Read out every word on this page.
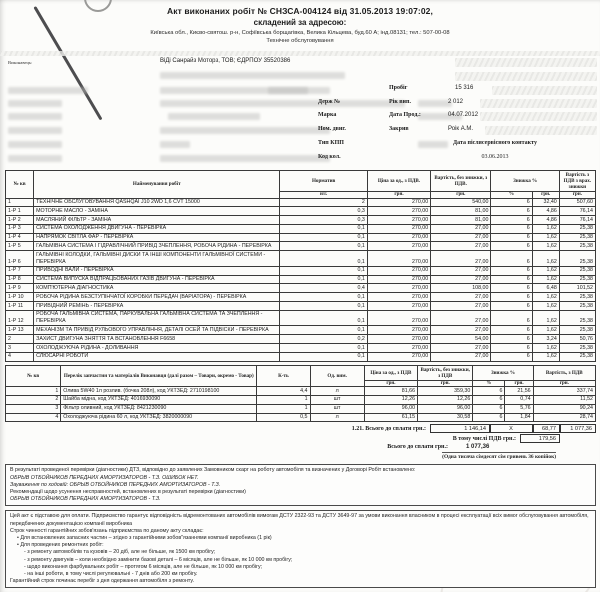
Акт виконаних робіт № СНЗСА-004124 від 31.05.2013 19:07:02,
складений за адресою:
Київська обл., Києво-святош. р-н, Софіївська борщагівка, Велика Кільцева, буд.60 А; інд.08131; тел.: 507-00-08
Технічне обслуговування
Виконавець:	ВіДі Санрайз Моторз, ТОВ; ЄДРПОУ 35520386
Пробіг	15 316
Держ №	Рік вип.	2 012
Марка	Дата Прод.:	04.07.2012
Ном. двиг.	Закрив	Роік А.М.
Тип КПП	Дата післясервісного контакту
Код кол.	03.06.2013
№ кв	Найменування робіт	Норматив	Ціна за од., з ПДВ.	Вартість, без знижки, з ПДВ.	Знижка %		Вартість з ПДВ з врах. знижки
		н/г.	грн.	грн.	%	грн.	грн.
1	ТЕХНІЧНЕ ОБСЛУГОВУВАННЯ QASHQAI J10 2WD 1,6 CVT 15000	2	270,00	540,00	6	32,40	507,60
1-Р 1	МОТОРНЕ МАСЛО - ЗАМІНА	0,3	270,00	81,00	6	4,86	76,14
1-Р 2	МАСЛЯНИЙ ФІЛЬТР - ЗАМІНА	0,3	270,00	81,00	6	4,86	76,14
1-Р 3	СИСТЕМА ОХОЛОДЖЕННЯ ДВИГУНА - ПЕРЕВІРКА	0,1	270,00	27,00	6	1,62	25,38
1-Р 4	НАПРЯМОК СВІТЛА ФАР - ПЕРЕВІРКА	0,1	270,00	27,00	6	1,62	25,38
1-Р 5	ГАЛЬМІВНА СИСТЕМА І ГІДРАВЛІЧНИЙ ПРИВІД ЗЧЕПЛЕННЯ, РОБОЧА РІДИНА - ПЕРЕВІРКА	0,1	270,00	27,00	6	1,62	25,38
1-Р 6	ГАЛЬМІВНІ КОЛОДКИ, ГАЛЬМІВНІ ДИСКИ ТА ІНШІ КОМПОНЕНТИ ГАЛЬМІВНОЇ СИСТЕМИ - ПЕРЕВІРКА	0,1	270,00	27,00	6	1,62	25,38
1-Р 7	ПРИВОДНІ ВАЛИ - ПЕРЕВІРКА	0,1	270,00	27,00	6	1,62	25,38
1-Р 8	СИСТЕМА ВИПУСКА ВІДПРАЦЬОВАНИХ ГАЗІВ ДВИГУНА - ПЕРЕВІРКА	0,1	270,00	27,00	6	1,62	25,38
1-Р 9	КОМП'ЮТЕРНА ДІАГНОСТИКА	0,4	270,00	108,00	6	6,48	101,52
1-Р 10	РОБОЧА РІДИНА БЕЗСТУПІНЧАТОЇ КОРОБКИ ПЕРЕДАЧ (ВАРІАТОРА) - ПЕРЕВІРКА	0,1	270,00	27,00	6	1,62	25,38
1-Р 11	ПРИВІДНИЙ РЕМІНЬ - ПЕРЕВІРКА	0,1	270,00	27,00	6	1,62	25,38
1-Р 12	РОБОЧА ГАЛЬМІВНА СИСТЕМА, ПАРКУВАЛЬНА ГАЛЬМІВНА СИСТЕМА ТА ЗЧЕПЛЕННЯ - ПЕРЕВІРКА	0,1	270,00	27,00	6	1,62	25,38
1-Р 13	МЕХАНІЗМ ТА ПРИВІД РУЛЬОВОГО УПРАВЛІННЯ, ДЕТАЛІ ОСЕЙ ТА ПІДВІСКИ - ПЕРЕВІРКА	0,1	270,00	27,00	6	1,62	25,38
2	ЗАХИСТ ДВИГУНА ЗНЯТТЯ ТА ВСТАНОВЛЕННЯ F6658	0,2	270,00	54,00	6	3,24	50,76
3	ОХОЛОДЖУЮЧА РІДИНА - ДОЛИВАННЯ	0,1	270,00	27,00	6	1,62	25,38
4	СЛЮСАРНІ РОБОТИ	0,1	270,00	27,00	6	1,62	25,38
№ кв	Перелік запчастин та матеріалів Виконавця (далі разом – Товари, окремо - Товар)	К-ть	Од. вим.	Ціна за од., з ПДВ	Вартість, без знижки, з ПДВ	Знижка %		Вартість, з ПДВ
				грн.	грн.	%	грн.	грн.
1	Олива 5W40 1л розлив. (бочка 208л), код УКТЗЕД: 2710198100	4,4	л	81,66	359,30	6	21,56	337,74
2	Шайба мідна, код УКТЗЕД: 4016930090	1	шт	12,26	12,26	6	0,74	11,52
3	Фільтр оливний, код УКТЗЕД: 8421230090	1	шт	96,00	96,00	6	5,76	90,24
4	Охолоджуюча рідина 60 л, код УКТЗЕД: 3820000090	0,5	л	61,15	30,58	6	1,84	28,74
1.21. Всього до сплати грн.:	1 146,14	X	68,77	1 077,36
В тому числі ПДВ грн.:	179,56
Всього до сплати грн.:	1 077,36
(Одна тисяча сімдесят сім гривень 36 копійок)
В результаті проведеної перевірки (діагностики) ДТЗ, відповідно до заявлених Замовником скарг на роботу автомобіля та визначених у Договорі Робіт встановлено:
ОБРЫВ ОТБОЙНИКОВ ПЕРЕДНИХ АМОРТИЗАТОРОВ - Т.З. ОШИБОК НЕТ.
Зауваження по ходовій: ОБРЫВ ОТБОЙНИКОВ ПЕРЕДНИХ АМОРТИЗАТОРОВ - Т.З.
Рекомендації щодо усунення несправностей, встановлених в результаті перевірки (діагностики)
ОБРЫВ ОТБОЙНИКОВ ПЕРЕДНИХ АМОРТИЗАТОРОВ - Т.З.
Цей акт є підставою для оплати. Підприємство гарантує відповідність відремонтованих автомобілів вимогам ДСТУ 2322-93 та ДСТУ 3649-97 за умови виконання власником в процесі експлуатації всіх вимог обслуговування автомобіля, передбачених документацією компанії виробника
Строк чинності гарантійних зобов'язань підприємства по даному акту складає:
• Для встановлених запасних частин – згідно з гарантійними зобов"язаннями компанії виробника (1 рік)
• Для проведених ремонтних робіт:
- з ремонту автомобілів та кузовів – 20 діб, але не більше, як 1500 км пробігу;
- з ремонту двигунів – коли необхідно замінити базові деталі – 6 місяців, але не більше, як 10 000 км пробігу;
- щодо виконання фарбувальних робіт – протягом 6 місяців, але не більше, як 10 000 км пробігу;
- на інші роботи, в тому числі регулювальні - 7 днів або 200 км пробігу.
Гарантійний строк починає перебіг з дня одержання автомобіля з ремонту.
